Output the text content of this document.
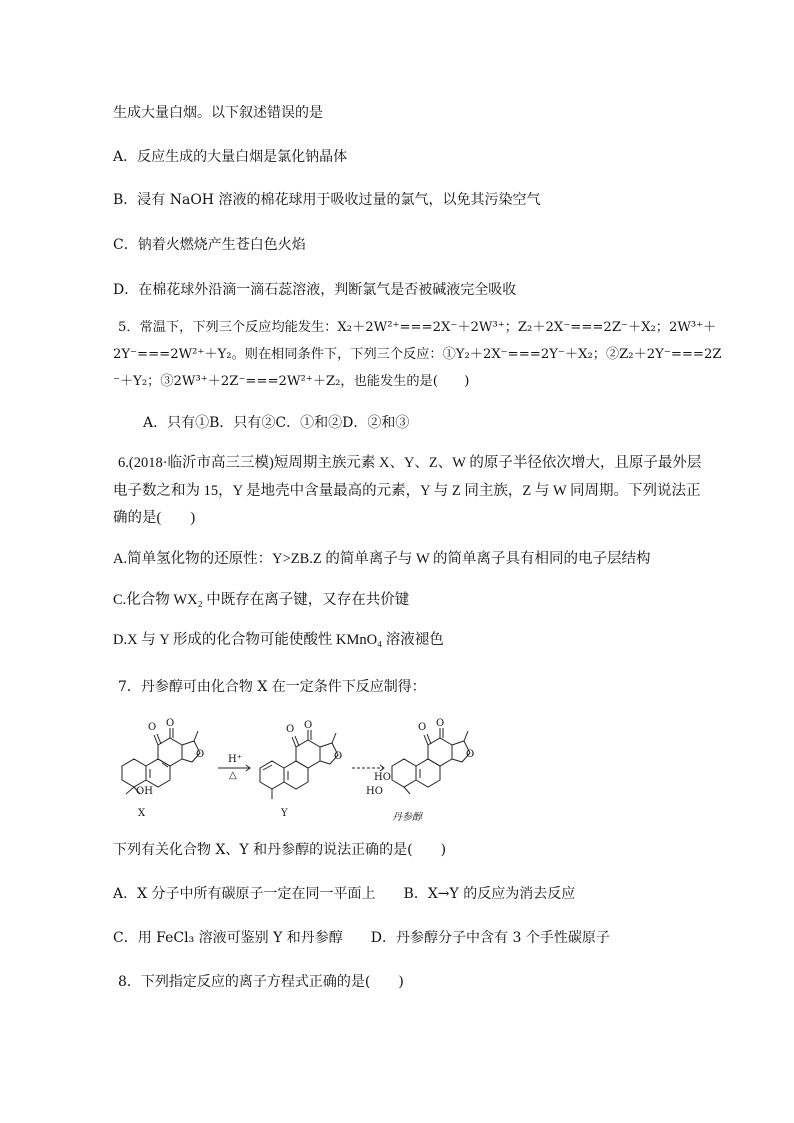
生成大量白烟。以下叙述错误的是
A．反应生成的大量白烟是氯化钠晶体
B．浸有 NaOH 溶液的棉花球用于吸收过量的氯气，以免其污染空气
C．钠着火燃烧产生苍白色火焰
D．在棉花球外沿滴一滴石蕊溶液，判断氯气是否被碱液完全吸收
5．常温下，下列三个反应均能发生：X₂＋2W²⁺===2X⁻＋2W³⁺；Z₂＋2X⁻===2Z⁻＋X₂；2W³⁺＋
2Y⁻===2W²⁺＋Y₂。则在相同条件下，下列三个反应：①Y₂＋2X⁻===2Y⁻＋X₂；②Z₂＋2Y⁻===2Z
⁻＋Y₂；③2W³⁺＋2Z⁻===2W²⁺＋Z₂，也能发生的是(　　)
A．只有①B．只有②C．①和②D．②和③
6.(2018·临沂市高三三模)短周期主族元素 X、Y、Z、W 的原子半径依次增大，且原子最外层
电子数之和为 15，Y 是地壳中含量最高的元素，Y 与 Z 同主族，Z 与 W 同周期。下列说法正
确的是(　　)
A.简单氢化物的还原性：Y>ZB.Z 的简单离子与 W 的简单离子具有相同的电子层结构
C.化合物 WX₂ 中既存在离子键，又存在共价键
D.X 与 Y 形成的化合物可能使酸性 KMnO₄ 溶液褪色
7．丹参醇可由化合物 X 在一定条件下反应制得：
O O
O
OH
H⁺
△
O O
O
O O
O
HO
HO
X	Y	丹参醇
下列有关化合物 X、Y 和丹参醇的说法正确的是(　　)
A．X 分子中所有碳原子一定在同一平面上　　B．X→Y 的反应为消去反应
C．用 FeCl₃ 溶液可鉴别 Y 和丹参醇　　D．丹参醇分子中含有 3 个手性碳原子
8．下列指定反应的离子方程式正确的是(　　)
